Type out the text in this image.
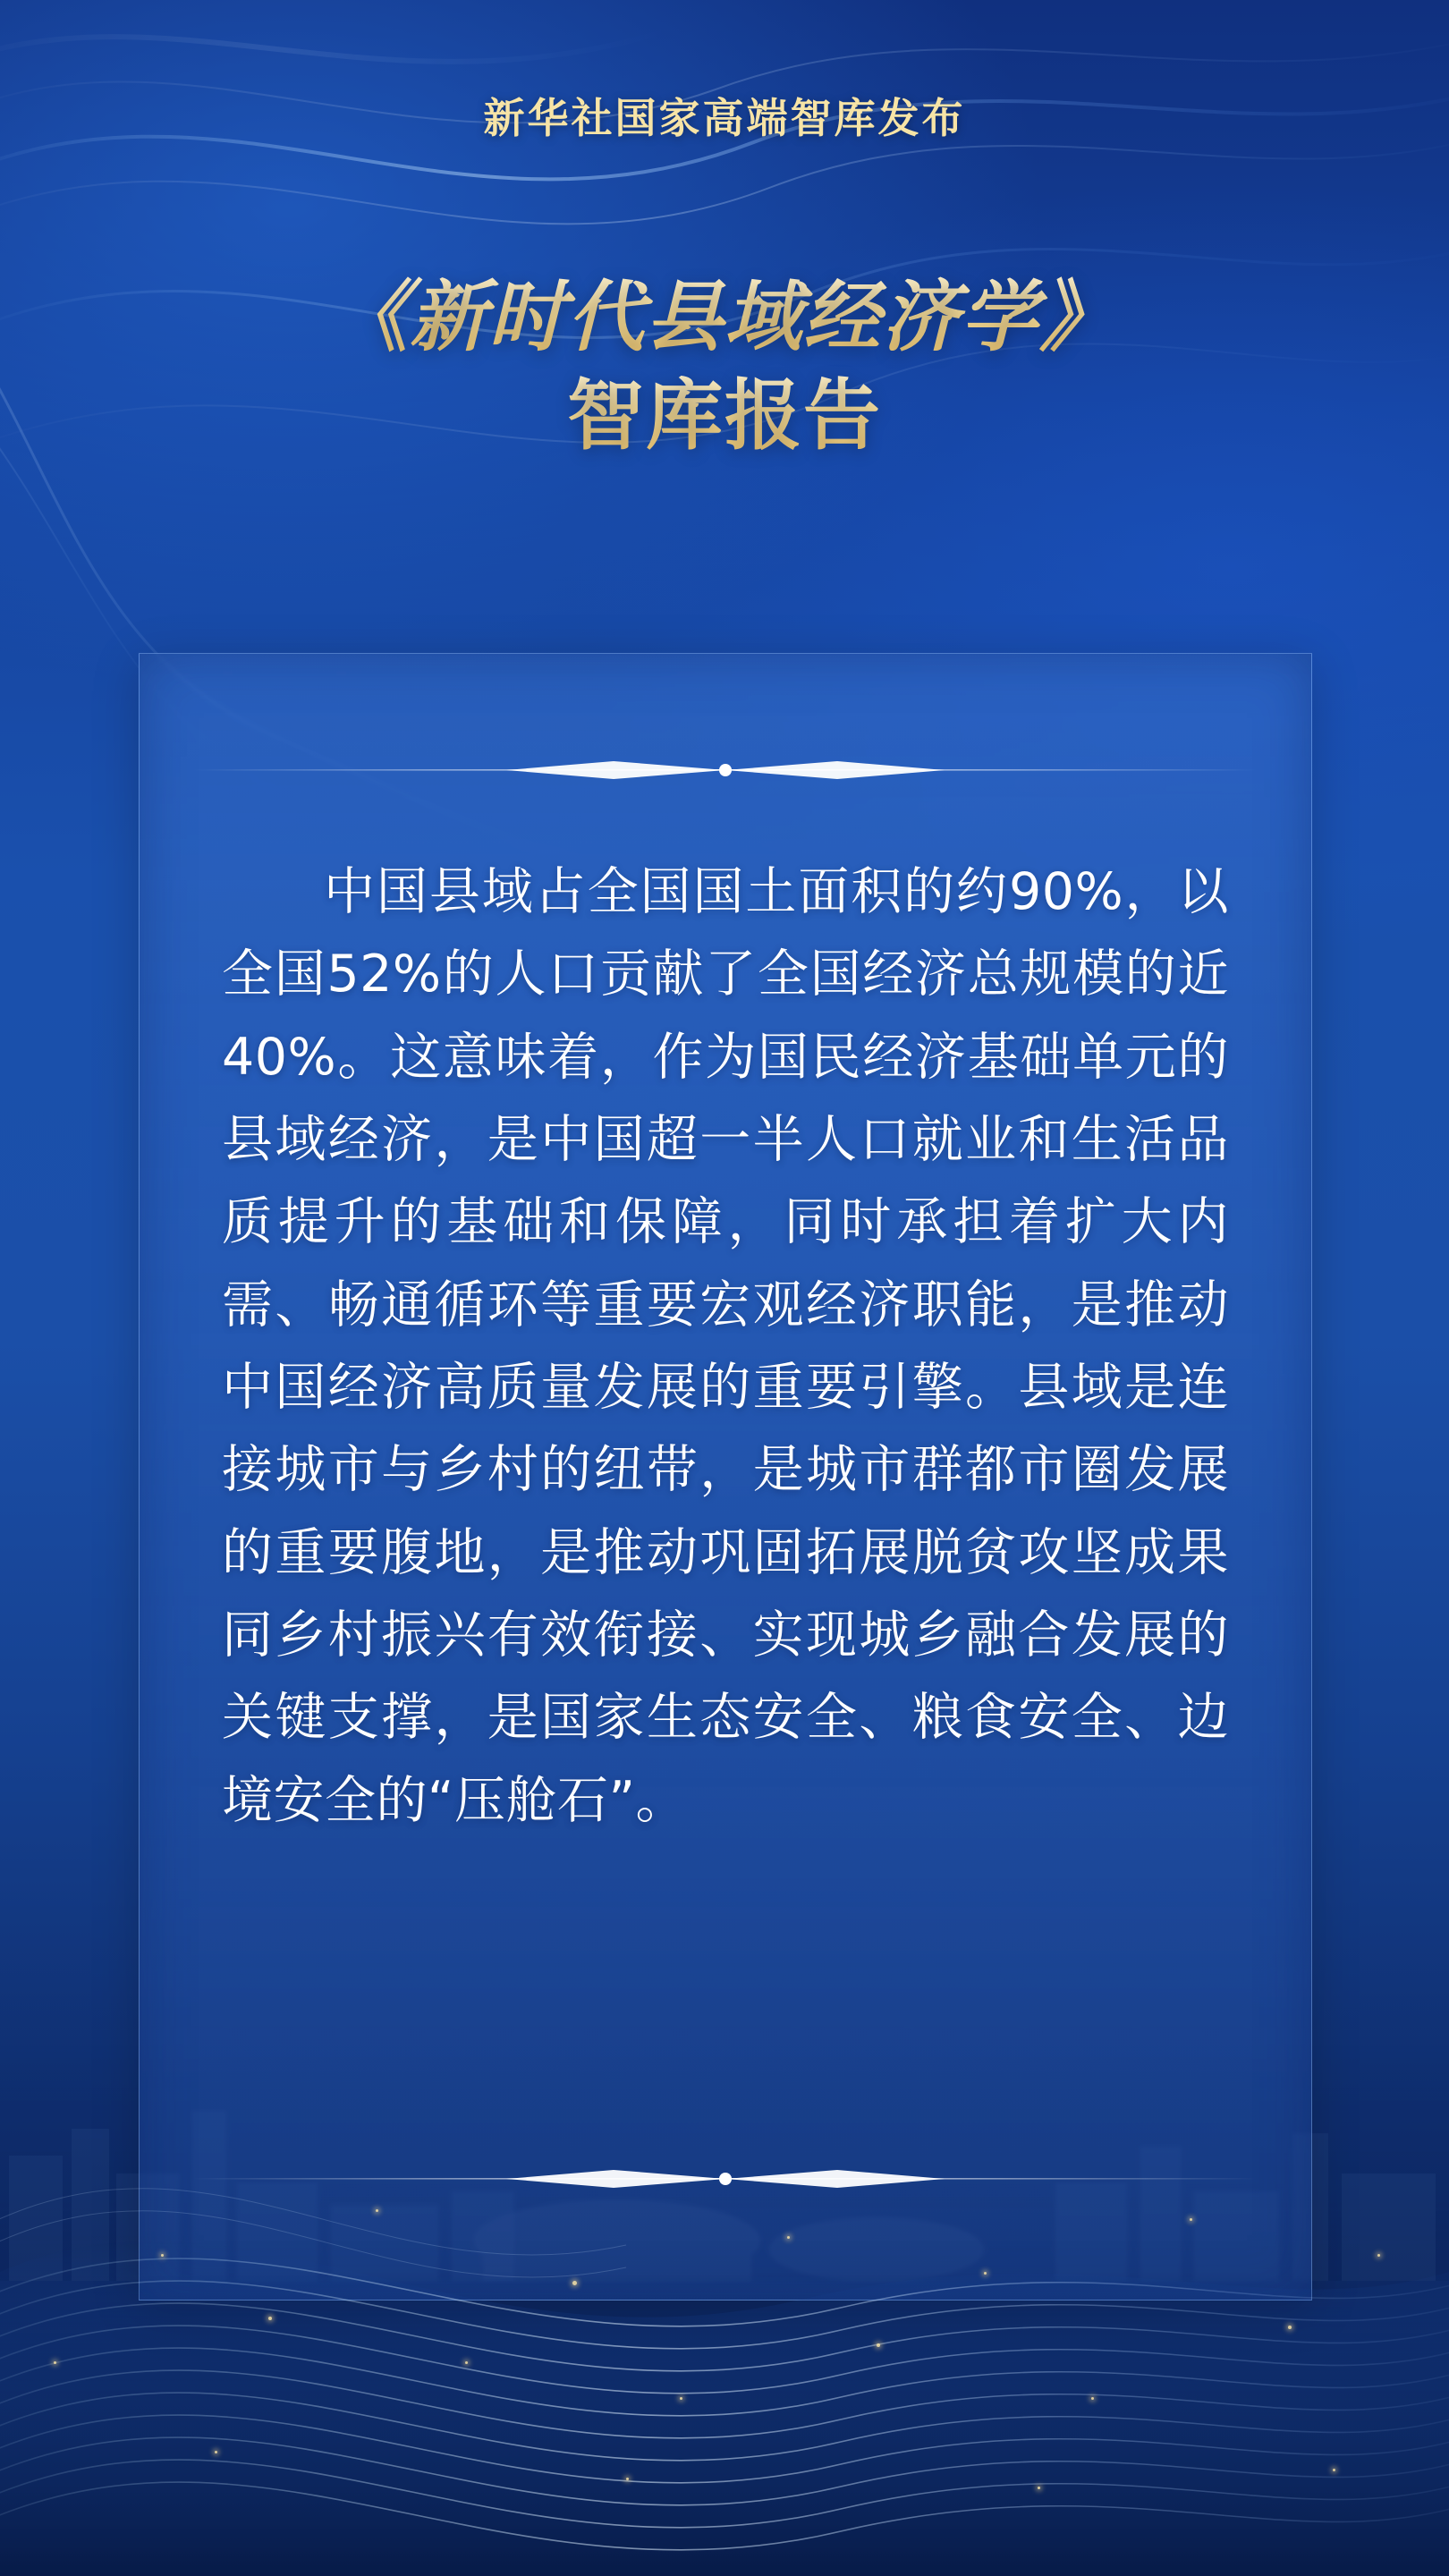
新华社国家高端智库发布
《新时代县域经济学》
智库报告
中国县域占全国国土面积的约90%，以全国52%的人口贡献了全国经济总规模的近40%。这意味着，作为国民经济基础单元的县域经济，是中国超一半人口就业和生活品质提升的基础和保障，同时承担着扩大内需、畅通循环等重要宏观经济职能，是推动中国经济高质量发展的重要引擎。县域是连接城市与乡村的纽带，是城市群都市圈发展的重要腹地，是推动巩固拓展脱贫攻坚成果同乡村振兴有效衔接、实现城乡融合发展的关键支撑，是国家生态安全、粮食安全、边境安全的“压舱石”。
